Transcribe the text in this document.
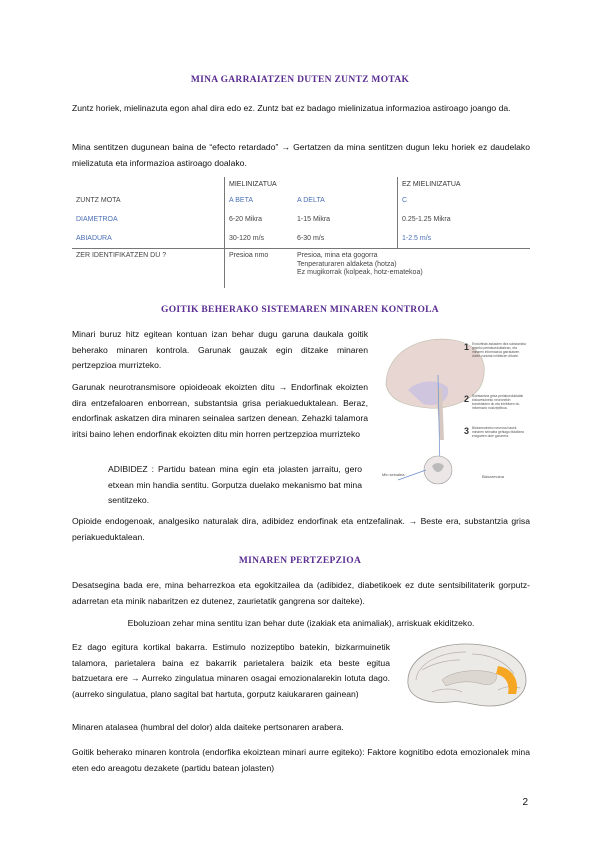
MINA GARRAIATZEN DUTEN ZUNTZ MOTAK

Zuntz horiek, mielinazuta egon ahal dira edo ez. Zuntz bat ez badago mielinizatua informazioa astiroago joango da.

Mina sentitzen dugunean baina de “efecto retardado” → Gertatzen da mina sentitzen dugun leku horiek ez daudelako mielizatuta eta informazioa astiroago doalako.

	MIELINIZATUA		EZ MIELINIZATUA
ZUNTZ MOTA	A BETA	A DELTA	C
DIAMETROA	6-20 Mikra	1-15 Mikra	0.25-1.25 Mikra
ABIADURA	30-120 m/s	6-30 m/s	1-2.5 m/s
ZER IDENTIFIKATZEN DU ?	Presioa nmo	Presioa, mina eta gogorra
Tenperaturaren aldaketa (hotza)
Ez mugikorrak (kolpeak, hotz-ematekoa)	
GOITIK BEHERAKO SISTEMAREN MINAREN KONTROLA

Minari buruz hitz egitean kontuan izan behar dugu garuna daukala goitik beherako minaren kontrola. Garunak gauzak egin ditzake minaren pertzepzioa murrizteko.

Garunak neurotransmisore opioideoak ekoizten ditu → Endorfinak ekoizten dira entzefaloaren enborrean, substantsia grisa periakueduktalean. Beraz, endorfinak askatzen dira minaren seinalea sartzen denean. Zehazki talamora iritsi baino lehen endorfinak ekoizten ditu min horren pertzepzioa murrizteko

ADIBIDEZ : Partidu batean mina egin eta jolasten jarraitu, gero etxean min handia sentitu. Gorputza duelako mekanismo bat mina sentitzeko.

1
2
3
Endorfinak askatzen dira substantzia griseko periakueduktalean, eta minaren informazioa garraiatzen duten zuntzak inhibitzen dituzte.
Substantzia grisa periakueduktalak bizkarmuineko neuronekin konektatzen du eta inhibitzen du informazio nozizeptiboa.
Bizkarmuineko neurona hauek minaren seinalea gehiago bidaltzea eragozten dute garunera.
Min seinalea	Bizkarmuina

Opioide endogenoak, analgesiko naturalak dira, adibidez endorfinak eta entzefalinak. → Beste era, substantzia grisa periakueduktalean.

MINAREN PERTZEPZIOA

Desatsegina bada ere, mina beharrezkoa eta egokitzailea da (adibidez, diabetikoek ez dute sentsibilitaterik gorputz-adarretan eta minik nabaritzen ez dutenez, zaurietatik gangrena sor daiteke).

Eboluzioan zehar mina sentitu izan behar dute (izakiak eta animaliak), arriskuak ekiditzeko.

Ez dago egitura kortikal bakarra. Estimulo nozizeptibo batekin, bizkarmuinetik talamora, parietalera baina ez bakarrik parietalera baizik eta beste egitua batzuetara ere → Aurreko zingulatua minaren osagai emozionalarekin lotuta dago. (aurreko singulatua, plano sagital bat hartuta, gorputz kaiukararen gainean)

Minaren atalasea (humbral del dolor) alda daiteke pertsonaren arabera.

Goitik beherako minaren kontrola (endorfika ekoiztean minari aurre egiteko): Faktore kognitibo edota emozionalek mina eten edo areagotu dezakete (partidu batean jolasten)

2
